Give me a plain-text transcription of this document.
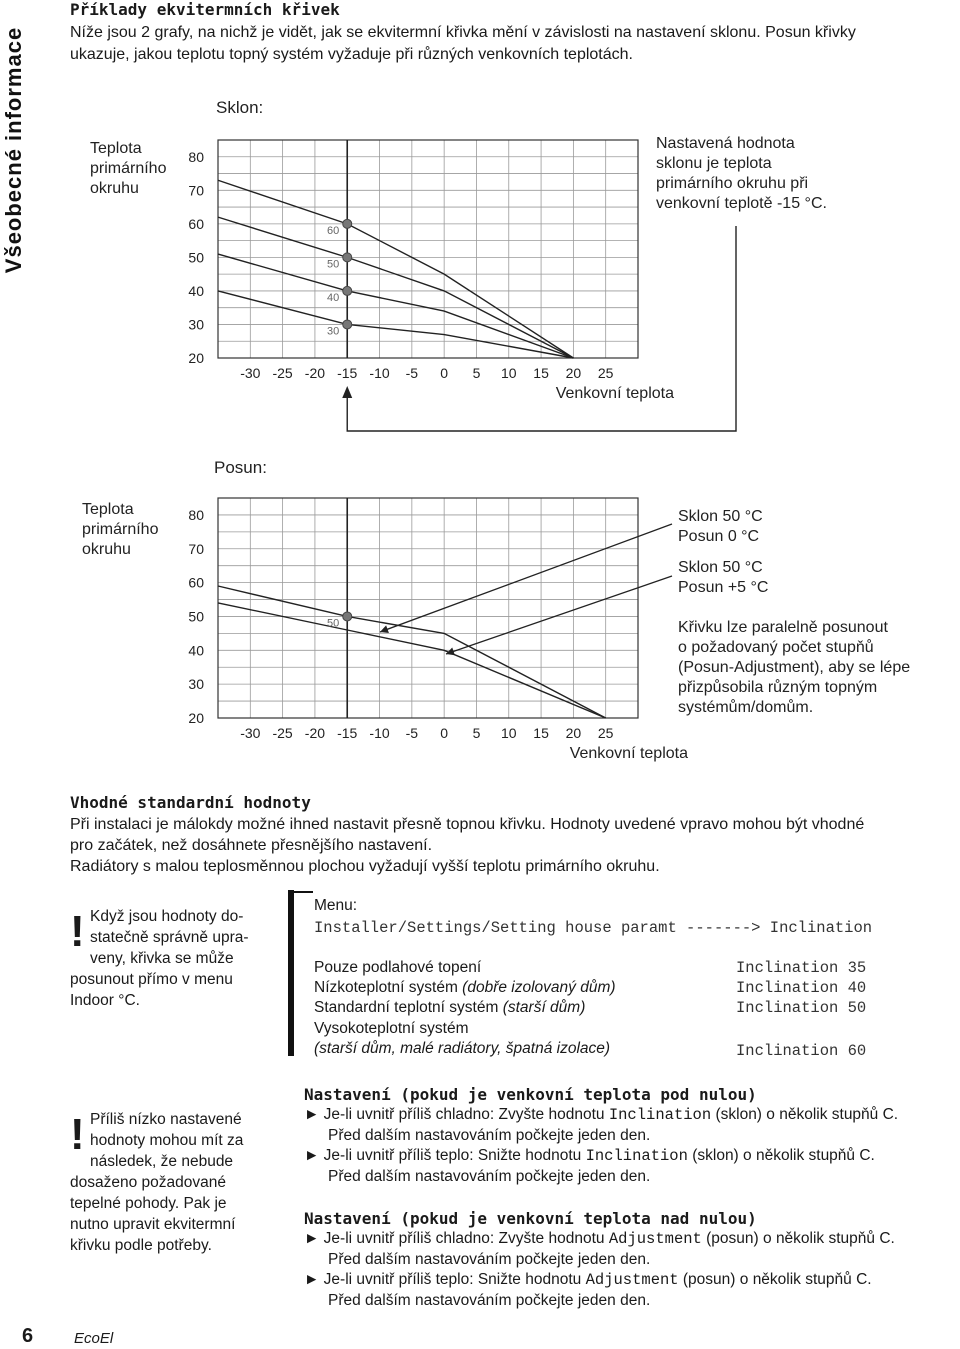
Všeobecné informace
Příklady ekvitermních křivek
Níže jsou 2 grafy, na nichž je vidět, jak se ekvitermní křivka mění v závislosti na nastavení sklonu. Posun křivky
ukazuje, jakou teplotu topný systém vyžaduje při různých venkovních teplotách.
Sklon:
Teplota
primárního
okruhu
Nastavená hodnota
sklonu je teplota
primárního okruhu při
venkovní teplotě -15 °C.
80
70
60
50
40
30
20
-30 -25 -20 -15 -10 -5 0 5 10 15 20 25
Venkovní teplota
60
50
40
30
Posun:
Teplota
primárního
okruhu
Sklon 50 °C
Posun 0 °C
Sklon 50 °C
Posun +5 °C
Křivku lze paralelně posunout
o požadovaný počet stupňů
(Posun-Adjustment), aby se lépe
přizpůsobila různým topným
systémům/domům.
80
70
60
50
40
30
20
-30 -25 -20 -15 -10 -5 0 5 10 15 20 25
Venkovní teplota
50
Vhodné standardní hodnoty
Při instalaci je málokdy možné ihned nastavit přesně topnou křivku. Hodnoty uvedené vpravo mohou být vhodné
pro začátek, než dosáhnete přesnějšího nastavení.
Radiátory s malou teplosměnnou plochou vyžadují vyšší teplotu primárního okruhu.
! Když jsou hodnoty do-
statečně správně upra-
veny, křivka se může
posunout přímo v menu
Indoor °C.
Menu:
Installer/Settings/Setting house paramt -------> Inclination
Pouze podlahové topení	Inclination 35
Nízkoteplotní systém (dobře izolovaný dům)	Inclination 40
Standardní teplotní systém (starší dům)	Inclination 50
Vysokoteplotní systém
(starší dům, malé radiátory, špatná izolace)	Inclination 60
! Příliš nízko nastavené
hodnoty mohou mít za
následek, že nebude
dosaženo požadované
tepelné pohody. Pak je
nutno upravit ekvitermní
křivku podle potřeby.
Nastavení (pokud je venkovní teplota pod nulou)
► Je-li uvnitř příliš chladno: Zvyšte hodnotu Inclination (sklon) o několik stupňů C.
Před dalším nastavováním počkejte jeden den.
► Je-li uvnitř příliš teplo: Snižte hodnotu Inclination (sklon) o několik stupňů C.
Před dalším nastavováním počkejte jeden den.
Nastavení (pokud je venkovní teplota nad nulou)
► Je-li uvnitř příliš chladno: Zvyšte hodnotu Adjustment (posun) o několik stupňů C.
Před dalším nastavováním počkejte jeden den.
► Je-li uvnitř příliš teplo: Snižte hodnotu Adjustment (posun) o několik stupňů C.
Před dalším nastavováním počkejte jeden den.
6	EcoEl
